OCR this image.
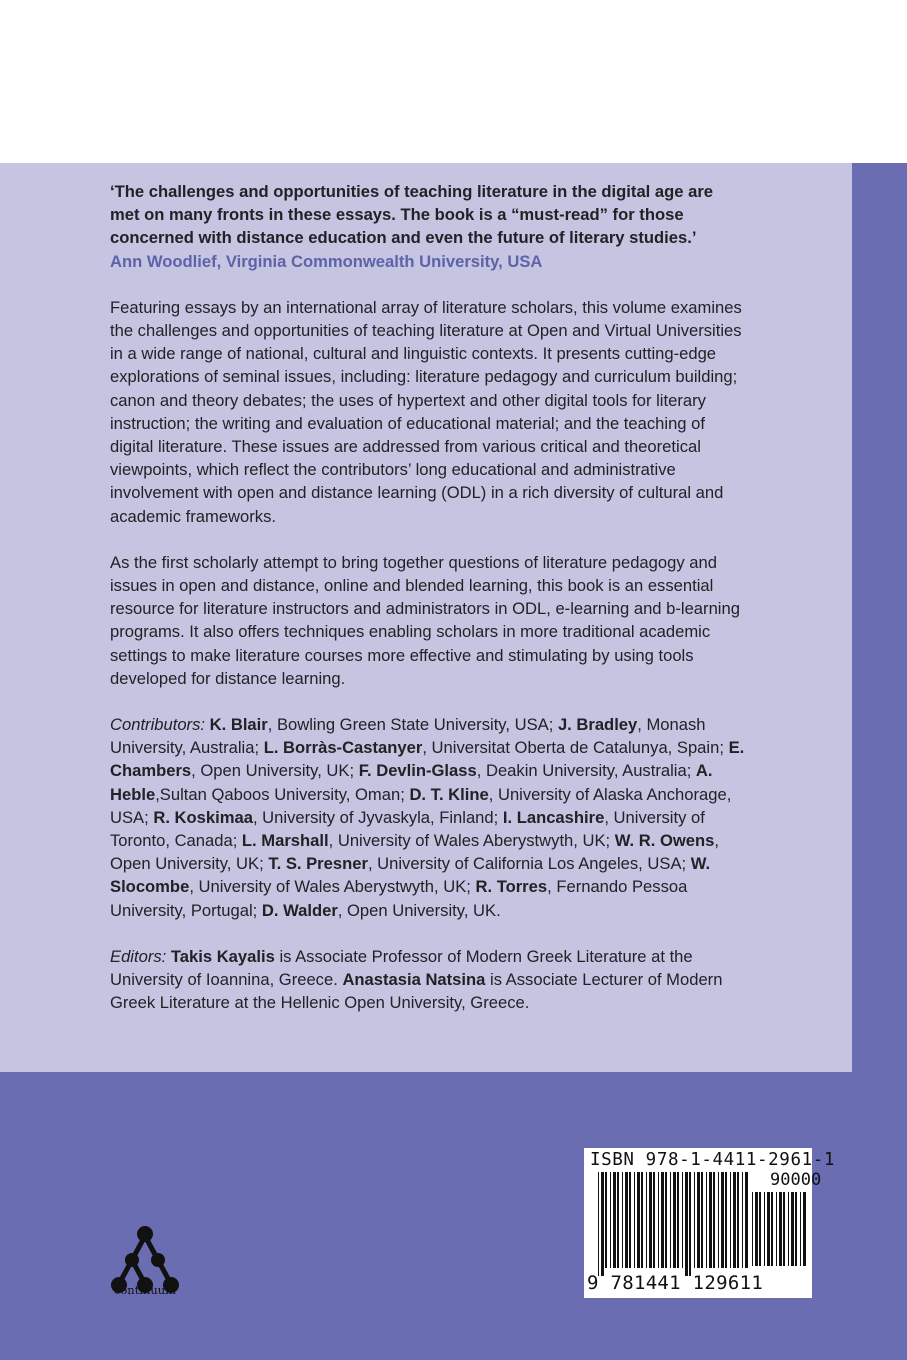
‘The challenges and opportunities of teaching literature in the digital age are met on many fronts in these essays. The book is a “must-read” for those concerned with distance education and even the future of literary studies.’

Ann Woodlief, Virginia Commonwealth University, USA

Featuring essays by an international array of literature scholars, this volume examines the challenges and opportunities of teaching literature at Open and Virtual Universities in a wide range of national, cultural and linguistic contexts. It presents cutting-edge explorations of seminal issues, including: literature pedagogy and curriculum building; canon and theory debates; the uses of hypertext and other digital tools for literary instruction; the writing and evaluation of educational material; and the teaching of digital literature. These issues are addressed from various critical and theoretical viewpoints, which reflect the contributors’ long educational and administrative involvement with open and distance learning (ODL) in a rich diversity of cultural and academic frameworks.

As the first scholarly attempt to bring together questions of literature pedagogy and issues in open and distance, online and blended learning, this book is an essential resource for literature instructors and administrators in ODL, e-learning and b-learning programs. It also offers techniques enabling scholars in more traditional academic settings to make literature courses more effective and stimulating by using tools developed for distance learning.

Contributors: K. Blair, Bowling Green State University, USA; J. Bradley, Monash University, Australia; L. Borràs-Castanyer, Universitat Oberta de Catalunya, Spain; E. Chambers, Open University, UK; F. Devlin-Glass, Deakin University, Australia; A. Heble,Sultan Qaboos University, Oman; D. T. Kline, University of Alaska Anchorage, USA; R. Koskimaa, University of Jyvaskyla, Finland; I. Lancashire, University of Toronto, Canada; L. Marshall, University of Wales Aberystwyth, UK; W. R. Owens, Open University, UK; T. S. Presner, University of California Los Angeles, USA; W. Slocombe, University of Wales Aberystwyth, UK; R. Torres, Fernando Pessoa University, Portugal; D. Walder, Open University, UK.

Editors: Takis Kayalis is Associate Professor of Modern Greek Literature at the University of Ioannina, Greece. Anastasia Natsina is Associate Lecturer of Modern Greek Literature at the Hellenic Open University, Greece.

ISBN 978-1-4411-2961-1
90000
9 781441 129611
continuum
